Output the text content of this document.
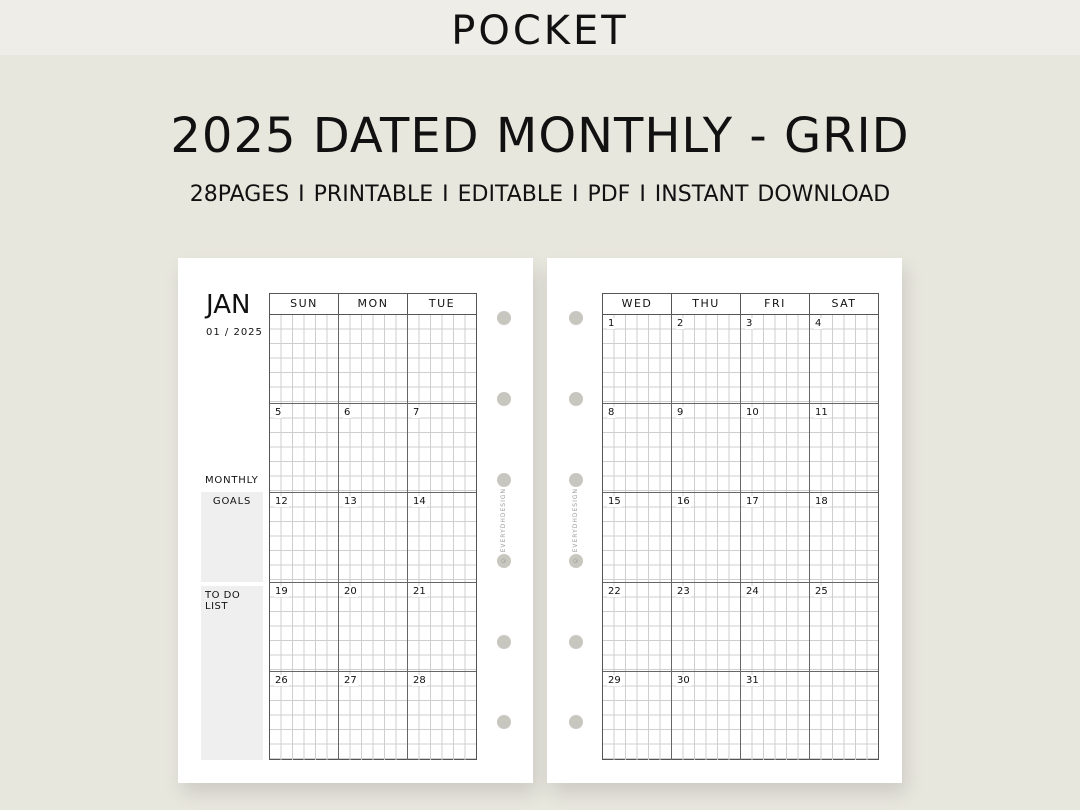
POCKET
2025 DATED MONTHLY - GRID
28PAGES I PRINTABLE I EDITABLE I PDF I INSTANT DOWNLOAD
JAN
01 / 2025
MONTHLY
GOALS
TO DO LIST
SUN	MON	TUE
5	6	7
12	13	14
19	20	21
26	27	28
© EVERYDHDESIGN
WED	THU	FRI	SAT
1	2	3	4
8	9	10	11
15	16	17	18
22	23	24	25
29	30	31
© EVERYDHDESIGN
